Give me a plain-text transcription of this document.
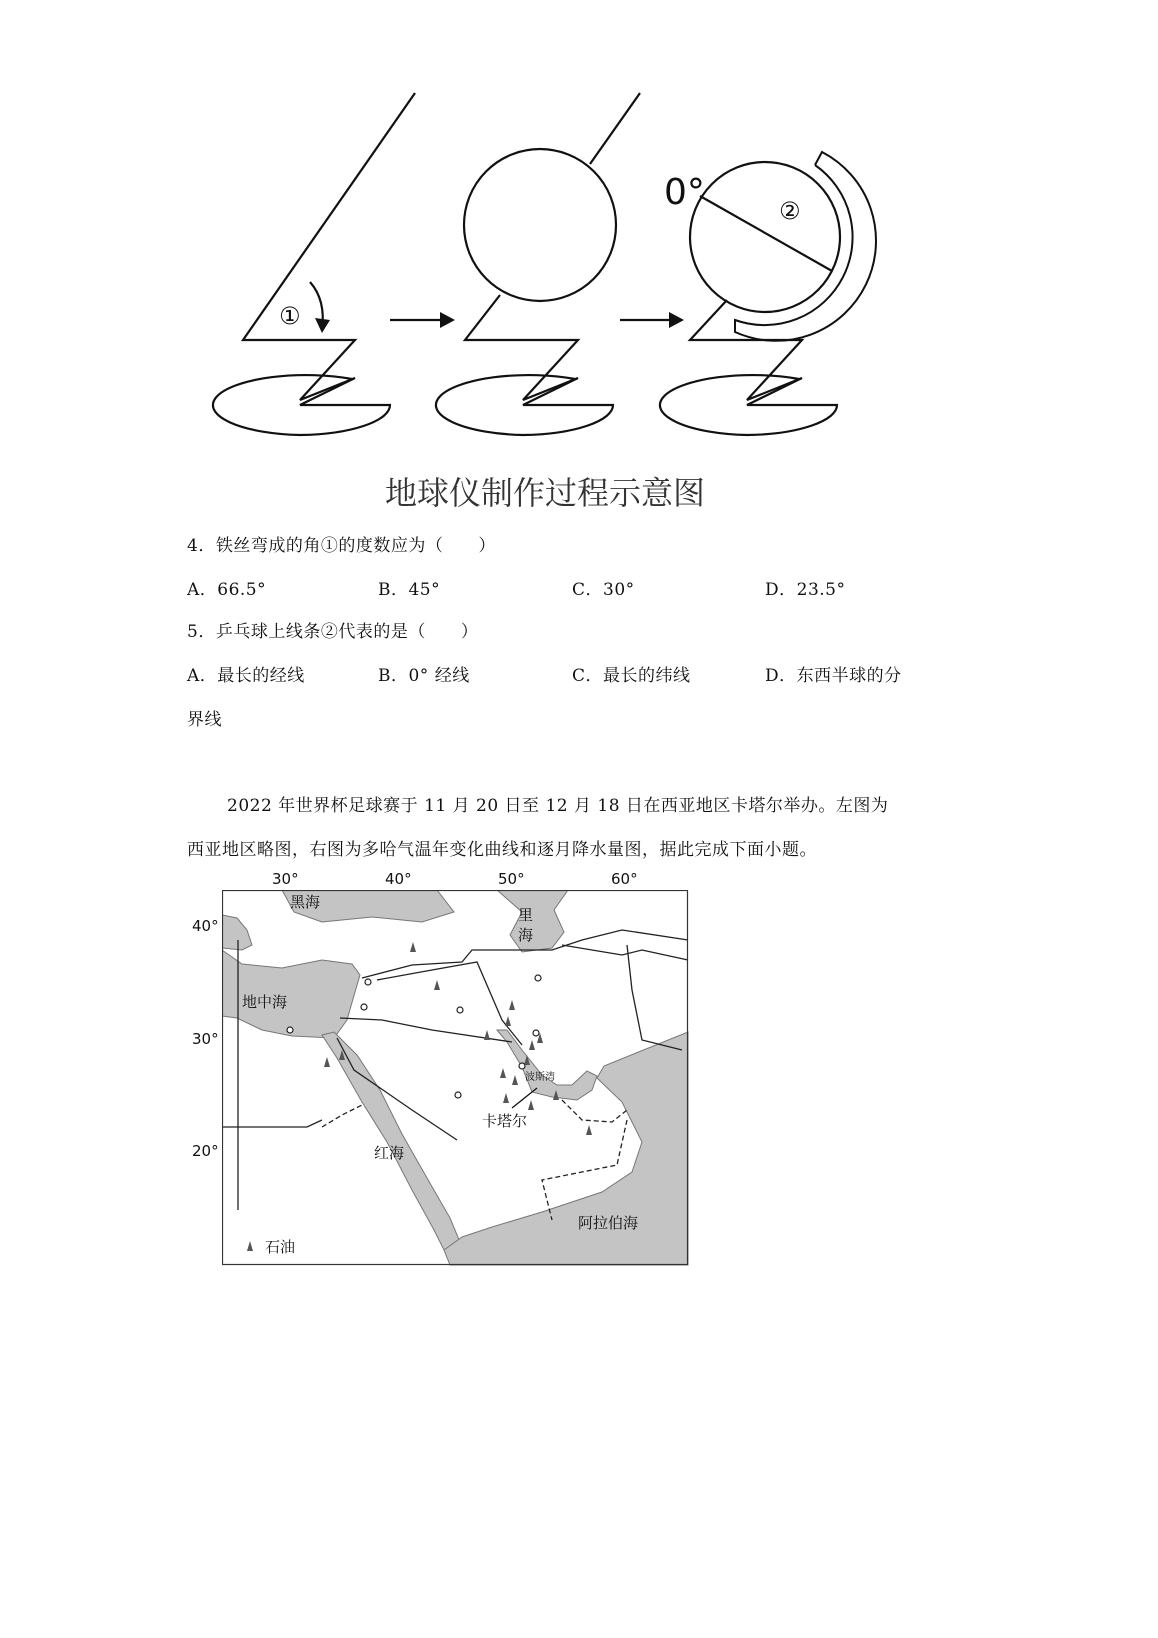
①
0°	②
地球仪制作过程示意图
4．铁丝弯成的角①的度数应为（　　）
A．66.5°	B．45°	C．30°	D．23.5°
5．乒乓球上线条②代表的是（　　）
A．最长的经线	B．0° 经线	C．最长的纬线	D．东西半球的分
界线
2022 年世界杯足球赛于 11 月 20 日至 12 月 18 日在西亚地区卡塔尔举办。左图为
西亚地区略图，右图为多哈气温年变化曲线和逐月降水量图，据此完成下面小题。
30°	40°	50°	60°
40°
30°
20°
黑海
里
海
地中海
波斯湾
卡塔尔
红海
阿拉伯海
石油
